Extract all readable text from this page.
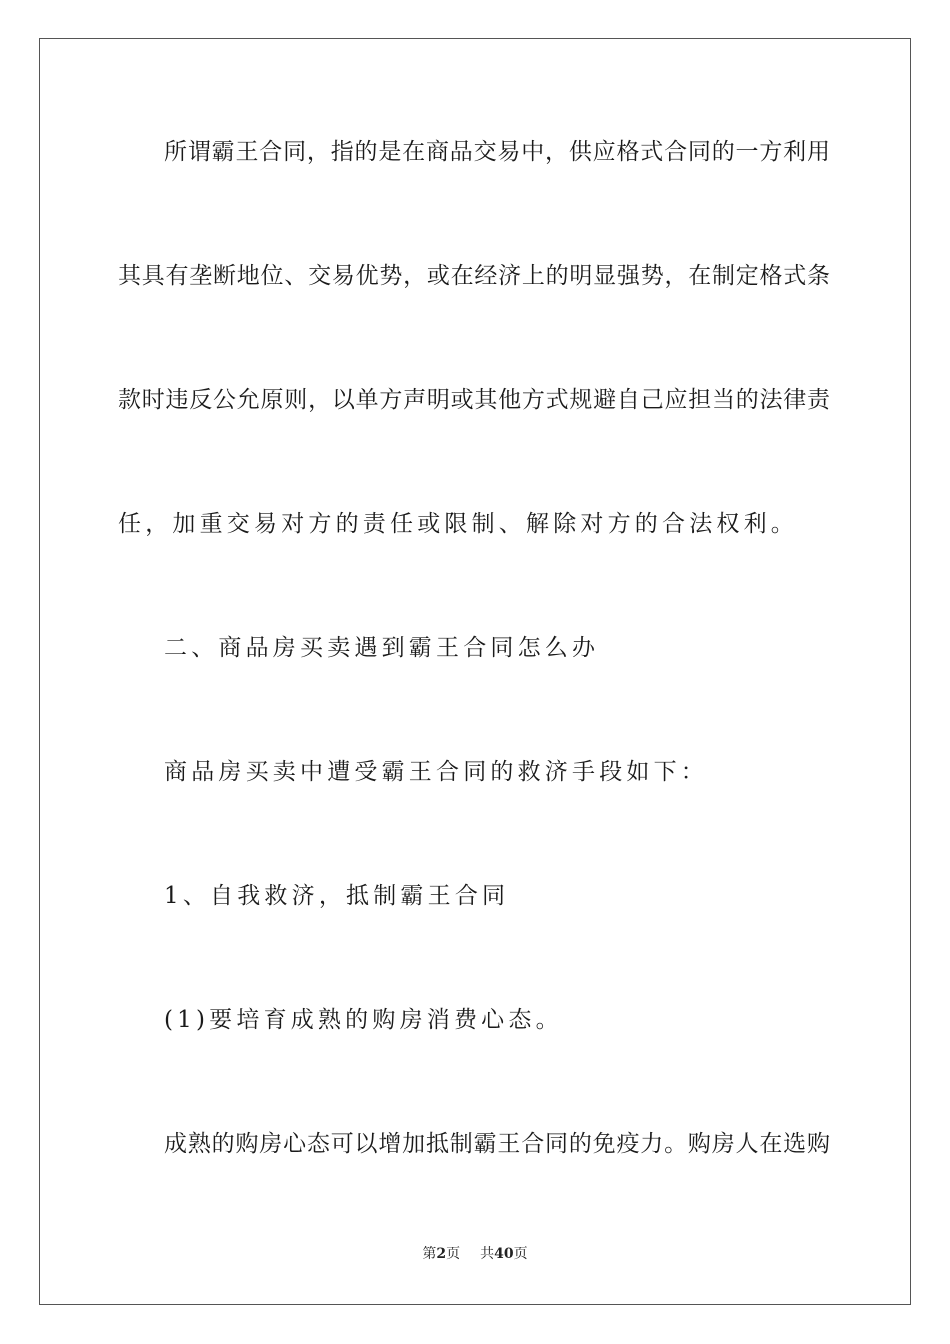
所谓霸王合同，指的是在商品交易中，供应格式合同的一方利用
其具有垄断地位、交易优势，或在经济上的明显强势，在制定格式条
款时违反公允原则，以单方声明或其他方式规避自己应担当的法律责
任，加重交易对方的责任或限制、解除对方的合法权利。
二、商品房买卖遇到霸王合同怎么办
商品房买卖中遭受霸王合同的救济手段如下：
1、自我救济，抵制霸王合同
(1)要培育成熟的购房消费心态。
成熟的购房心态可以增加抵制霸王合同的免疫力。购房人在选购
第2页 共40页
